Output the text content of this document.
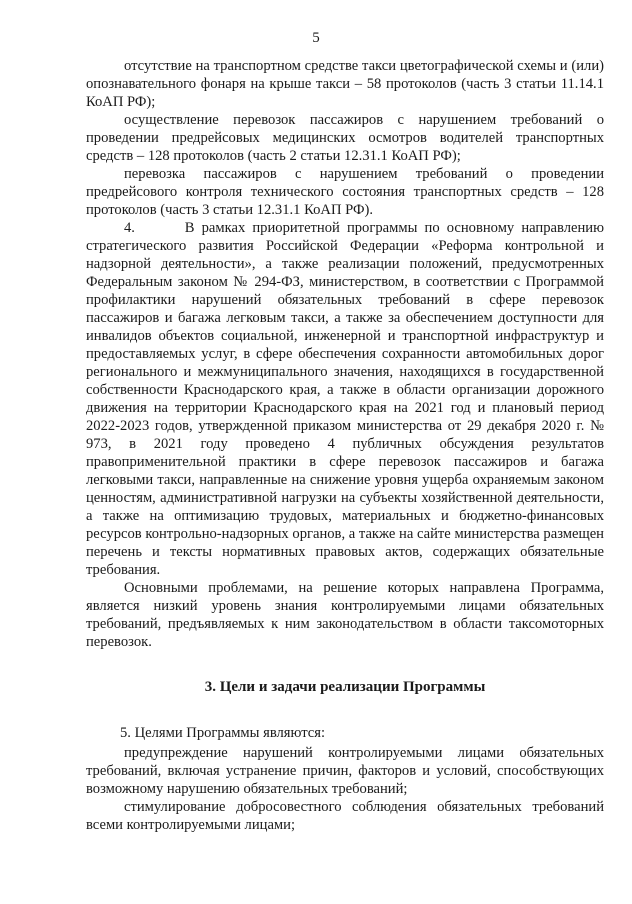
5

отсутствие на транспортном средстве такси цветографической схемы и (или) опознавательного фонаря на крыше такси – 58 протоколов (часть 3 статьи 11.14.1 КоАП РФ);

осуществление перевозок пассажиров с нарушением требований о проведении предрейсовых медицинских осмотров водителей транспортных средств – 128 протоколов (часть 2 статьи 12.31.1 КоАП РФ);

перевозка пассажиров с нарушением требований о проведении предрейсового контроля технического состояния транспортных средств – 128 протоколов (часть 3 статьи 12.31.1 КоАП РФ).

4.       В рамках приоритетной программы по основному направлению стратегического развития Российской Федерации «Реформа контрольной и надзорной деятельности», а также реализации положений, предусмотренных Федеральным законом № 294-ФЗ, министерством, в соответствии с Программой профилактики нарушений обязательных требований в сфере перевозок пассажиров и багажа легковым такси, а также за обеспечением доступности для инвалидов объектов социальной, инженерной и транспортной инфраструктур и предоставляемых услуг, в сфере обеспечения сохранности автомобильных дорог регионального и межмуниципального значения, находящихся в государственной собственности Краснодарского края, а также в области организации дорожного движения на территории Краснодарского края на 2021 год и плановый период 2022-2023 годов, утвержденной приказом министерства от 29 декабря 2020 г. № 973, в 2021 году проведено 4 публичных обсуждения результатов правоприменительной практики в сфере перевозок пассажиров и багажа легковыми такси, направленные на снижение уровня ущерба охраняемым законом ценностям, административной нагрузки на субъекты хозяйственной деятельности, а также на оптимизацию трудовых, материальных и бюджетно-финансовых ресурсов контрольно-надзорных органов, а также на сайте министерства размещен перечень и тексты нормативных правовых актов, содержащих обязательные требования.

Основными проблемами, на решение которых направлена Программа, является низкий уровень знания контролируемыми лицами обязательных требований, предъявляемых к ним законодательством в области таксомоторных перевозок.

3. Цели и задачи реализации Программы

5. Целями Программы являются:

предупреждение нарушений контролируемыми лицами обязательных требований, включая устранение причин, факторов и условий, способствующих возможному нарушению обязательных требований;

стимулирование добросовестного соблюдения обязательных требований всеми контролируемыми лицами;
